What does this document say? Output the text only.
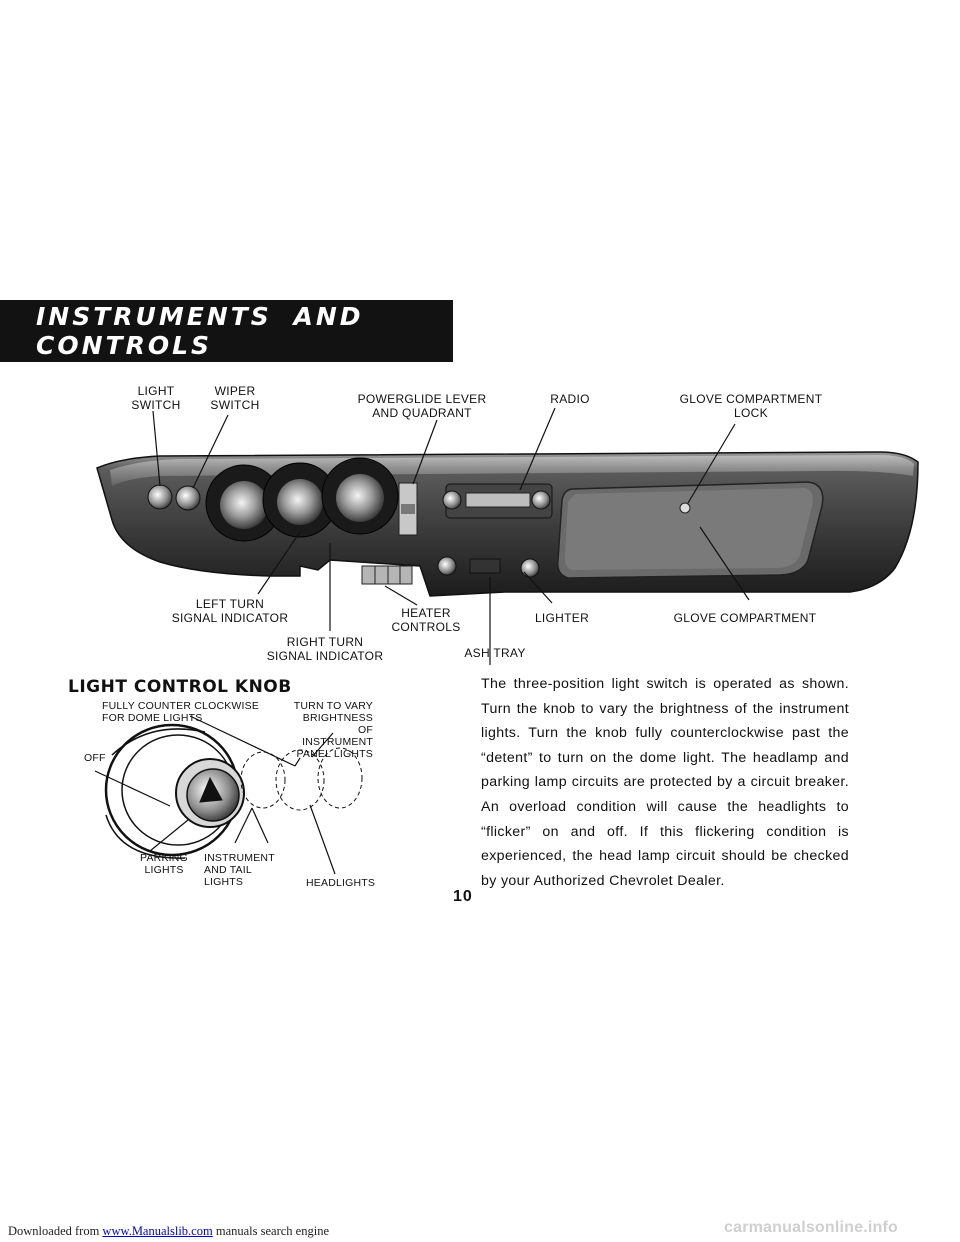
INSTRUMENTS AND CONTROLS
LIGHT
SWITCH
WIPER
SWITCH	POWERGLIDE LEVER
AND QUADRANT
RADIO	GLOVE COMPARTMENT
LOCK
LEFT TURN
SIGNAL INDICATOR	HEATER
CONTROLS
LIGHTER	GLOVE COMPARTMENT
RIGHT TURN
SIGNAL INDICATOR	ASH TRAY
LIGHT CONTROL KNOB
FULLY COUNTER CLOCKWISE
FOR DOME LIGHTS
TURN TO VARY
BRIGHTNESS OF
INSTRUMENT
PANEL LIGHTS
OFF
PARKING
LIGHTS
INSTRUMENT
AND TAIL
LIGHTS	HEADLIGHTS
The three-position light switch is operated as shown. Turn the knob to vary the brightness of the instrument lights. Turn the knob fully counterclockwise past the “detent” to turn on the dome light. The headlamp and parking lamp circuits are protected by a circuit breaker. An overload condition will cause the headlights to “flicker” on and off. If this flickering condition is experienced, the head lamp circuit should be checked by your Authorized Chevrolet Dealer.
10
Downloaded from www.Manualslib.com manuals search engine	carmanualsonline.info
